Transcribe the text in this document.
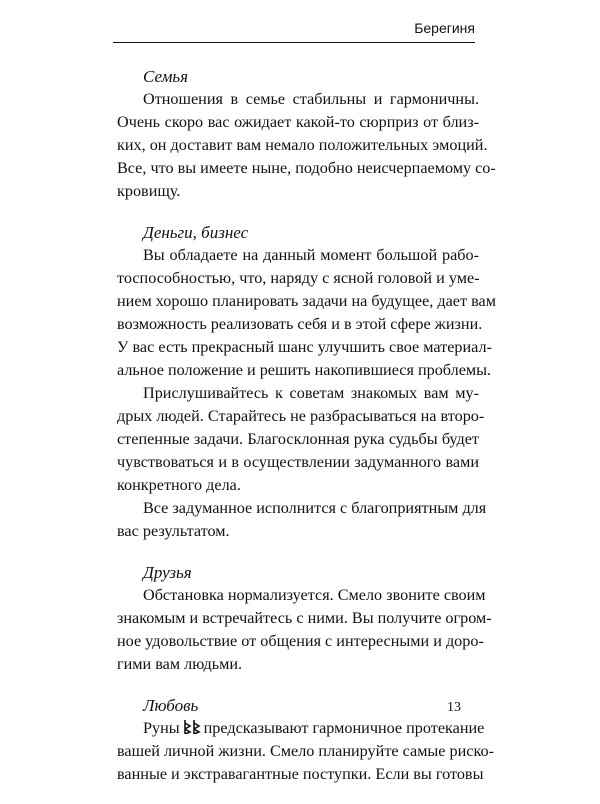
Берегиня
Семья

Отношения в семье стабильны и гармоничны.
Очень скоро вас ожидает какой-то сюрприз от близ-
ких, он доставит вам немало положительных эмоций.
Все, что вы имеете ныне, подобно неисчерпаемому со-
кровищу.

Деньги, бизнес

Вы обладаете на данный момент большой рабо-
тоспособностью, что, наряду с ясной головой и уме-
нием хорошо планировать задачи на будущее, дает вам
возможность реализовать себя и в этой сфере жизни.
У вас есть прекрасный шанс улучшить свое материал-
альное положение и решить накопившиеся проблемы.

Прислушивайтесь к советам знакомых вам му-
дрых людей. Старайтесь не разбрасываться на второ-
степенные задачи. Благосклонная рука судьбы будет
чувствоваться и в осуществлении задуманного вами
конкретного дела.

Все задуманное исполнится с благоприятным для
вас результатом.

Друзья

Обстановка нормализуется. Смело звоните своим
знакомым и встречайтесь с ними. Вы получите огром-
ное удовольствие от общения с интересными и доро-
гими вам людьми.

Любовь

Руны предсказывают гармоничное протекание
вашей личной жизни. Смело планируйте самые риско-
ванные и экстравагантные поступки. Если вы готовы

13
